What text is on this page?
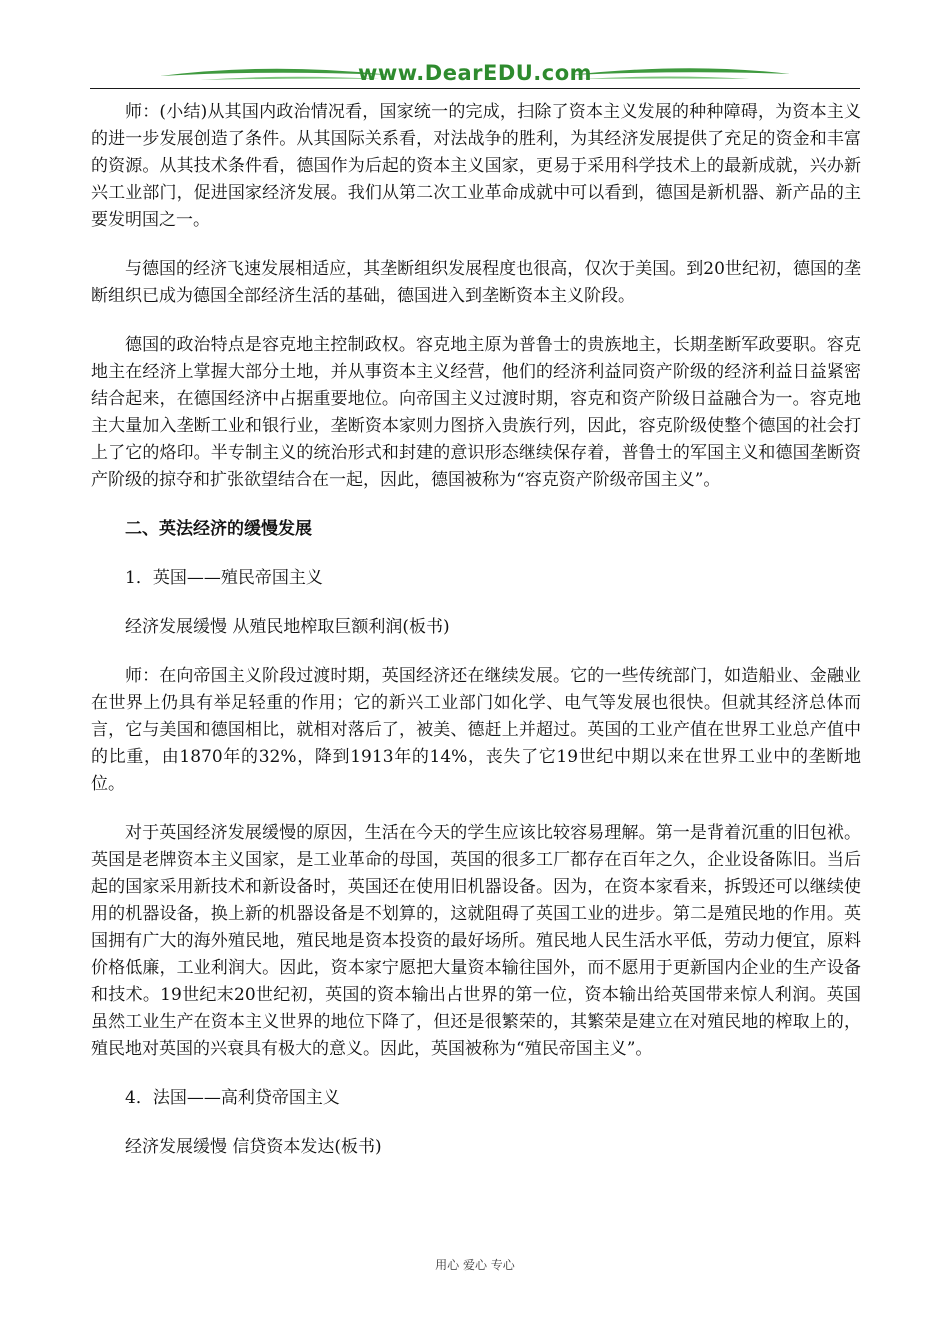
www.DearEDU.com

师：(小结)从其国内政治情况看，国家统一的完成，扫除了资本主义发展的种种障碍，为资本主义的进一步发展创造了条件。从其国际关系看，对法战争的胜利，为其经济发展提供了充足的资金和丰富的资源。从其技术条件看，德国作为后起的资本主义国家，更易于采用科学技术上的最新成就，兴办新兴工业部门，促进国家经济发展。我们从第二次工业革命成就中可以看到，德国是新机器、新产品的主要发明国之一。

与德国的经济飞速发展相适应，其垄断组织发展程度也很高，仅次于美国。到20世纪初，德国的垄断组织已成为德国全部经济生活的基础，德国进入到垄断资本主义阶段。

德国的政治特点是容克地主控制政权。容克地主原为普鲁士的贵族地主，长期垄断军政要职。容克地主在经济上掌握大部分土地，并从事资本主义经营，他们的经济利益同资产阶级的经济利益日益紧密结合起来，在德国经济中占据重要地位。向帝国主义过渡时期，容克和资产阶级日益融合为一。容克地主大量加入垄断工业和银行业，垄断资本家则力图挤入贵族行列，因此，容克阶级使整个德国的社会打上了它的烙印。半专制主义的统治形式和封建的意识形态继续保存着，普鲁士的军国主义和德国垄断资产阶级的掠夺和扩张欲望结合在一起，因此，德国被称为“容克资产阶级帝国主义”。

二、英法经济的缓慢发展

1．英国——殖民帝国主义

经济发展缓慢 从殖民地榨取巨额利润(板书)

师：在向帝国主义阶段过渡时期，英国经济还在继续发展。它的一些传统部门，如造船业、金融业在世界上仍具有举足轻重的作用；它的新兴工业部门如化学、电气等发展也很快。但就其经济总体而言，它与美国和德国相比，就相对落后了，被美、德赶上并超过。英国的工业产值在世界工业总产值中的比重，由1870年的32%，降到1913年的14%，丧失了它19世纪中期以来在世界工业中的垄断地位。

对于英国经济发展缓慢的原因，生活在今天的学生应该比较容易理解。第一是背着沉重的旧包袱。英国是老牌资本主义国家，是工业革命的母国，英国的很多工厂都存在百年之久，企业设备陈旧。当后起的国家采用新技术和新设备时，英国还在使用旧机器设备。因为，在资本家看来，拆毁还可以继续使用的机器设备，换上新的机器设备是不划算的，这就阻碍了英国工业的进步。第二是殖民地的作用。英国拥有广大的海外殖民地，殖民地是资本投资的最好场所。殖民地人民生活水平低，劳动力便宜，原料价格低廉，工业利润大。因此，资本家宁愿把大量资本输往国外，而不愿用于更新国内企业的生产设备和技术。19世纪末20世纪初，英国的资本输出占世界的第一位，资本输出给英国带来惊人利润。英国虽然工业生产在资本主义世界的地位下降了，但还是很繁荣的，其繁荣是建立在对殖民地的榨取上的，殖民地对英国的兴衰具有极大的意义。因此，英国被称为“殖民帝国主义”。

4．法国——高利贷帝国主义

经济发展缓慢 信贷资本发达(板书)

用心 爱心 专心
